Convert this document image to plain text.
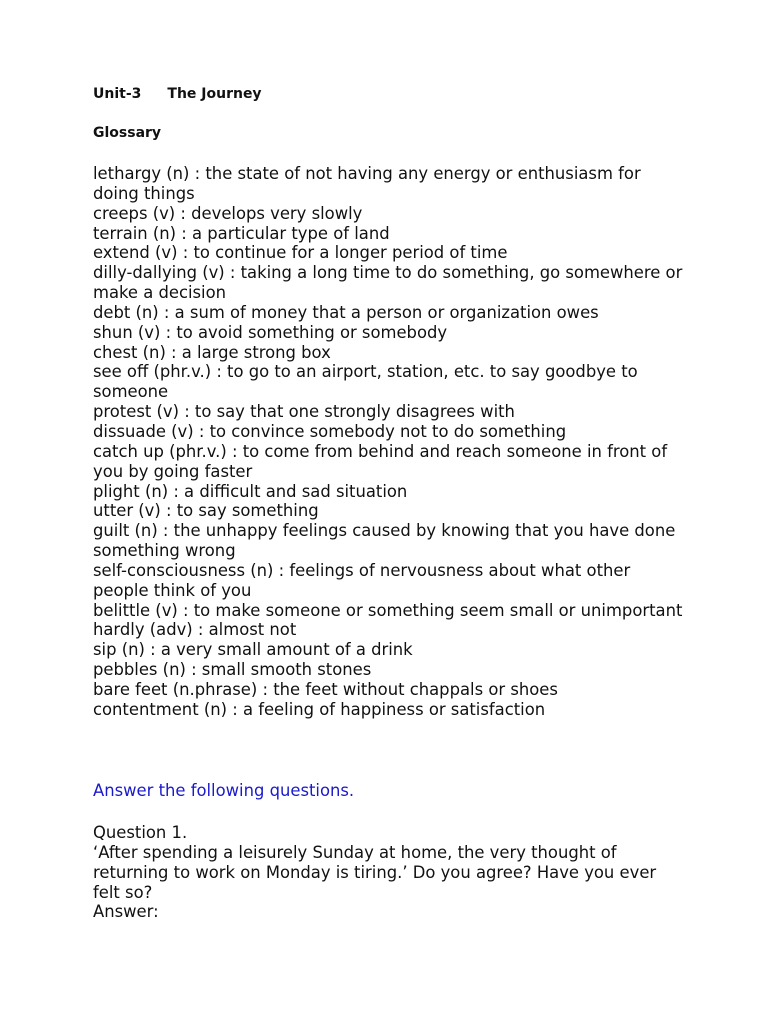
Unit-3 The Journey
Glossary
lethargy (n) : the state of not having any energy or enthusiasm for doing things
creeps (v) : develops very slowly
terrain (n) : a particular type of land
extend (v) : to continue for a longer period of time
dilly-dallying (v) : taking a long time to do something, go somewhere or make a decision
debt (n) : a sum of money that a person or organization owes
shun (v) : to avoid something or somebody
chest (n) : a large strong box
see off (phr.v.) : to go to an airport, station, etc. to say goodbye to someone
protest (v) : to say that one strongly disagrees with
dissuade (v) : to convince somebody not to do something
catch up (phr.v.) : to come from behind and reach someone in front of you by going faster
plight (n) : a difficult and sad situation
utter (v) : to say something
guilt (n) : the unhappy feelings caused by knowing that you have done something wrong
self-consciousness (n) : feelings of nervousness about what other people think of you
belittle (v) : to make someone or something seem small or unimportant
hardly (adv) : almost not
sip (n) : a very small amount of a drink
pebbles (n) : small smooth stones
bare feet (n.phrase) : the feet without chappals or shoes
contentment (n) : a feeling of happiness or satisfaction
Answer the following questions.
Question 1.
‘After spending a leisurely Sunday at home, the very thought of returning to work on Monday is tiring.’ Do you agree? Have you ever felt so?
Answer:
